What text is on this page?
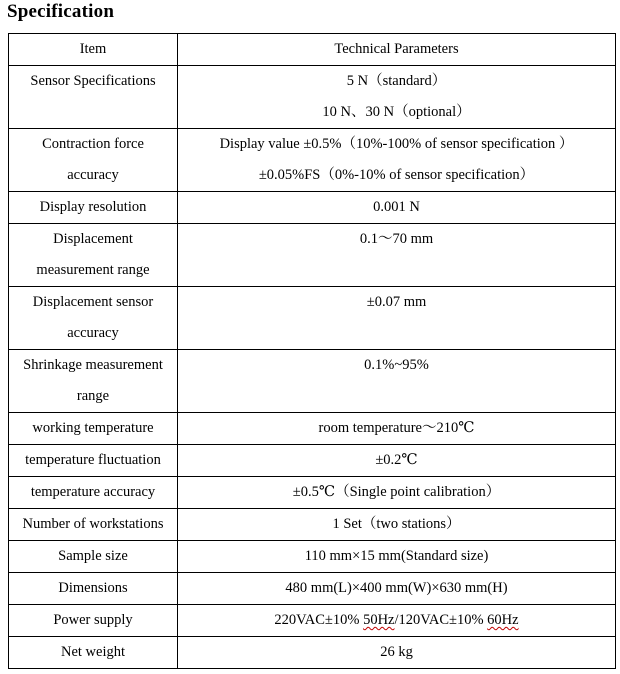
Specification
Item	Technical Parameters
Sensor Specifications	5 N（standard）
10 N、30 N（optional）

Contraction force accuracy	Display value ±0.5%（10%-100% of sensor specification ）
±0.05%FS（0%-10% of sensor specification）

Display resolution	0.001 N

Displacement measurement range	0.1～70 mm

Displacement sensor accuracy	±0.07 mm

Shrinkage measurement range	0.1%~95%

working temperature	room temperature～210℃

temperature fluctuation	±0.2℃

temperature accuracy	±0.5℃（Single point calibration）

Number of workstations	1 Set（two stations）

Sample size	110 mm×15 mm(Standard size)

Dimensions	480 mm(L)×400 mm(W)×630 mm(H)

Power supply	220VAC±10% 50Hz/120VAC±10% 60Hz

Net weight	26 kg
